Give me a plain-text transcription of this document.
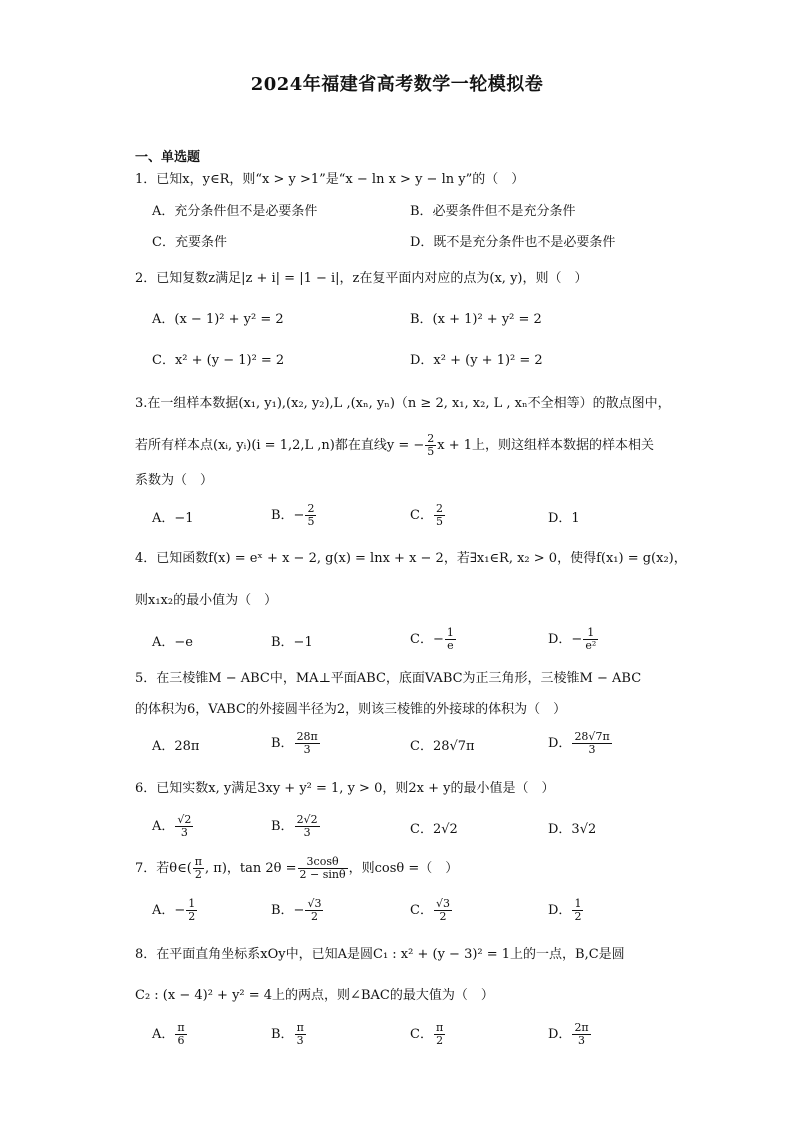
2024年福建省高考数学一轮模拟卷
一、单选题
1．已知x，y∈R，则“x > y >1”是“x − ln x > y − ln y”的（　）
A．充分条件但不是必要条件	B．必要条件但不是充分条件
C．充要条件	D．既不是充分条件也不是必要条件
2．已知复数z满足|z + i| = |1 − i|，z在复平面内对应的点为(x, y)，则（　）
A．(x − 1)² + y² = 2	B．(x + 1)² + y² = 2
C．x² + (y − 1)² = 2	D．x² + (y + 1)² = 2
3.在一组样本数据(x₁, y₁),(x₂, y₂),L ,(xₙ, yₙ)（n ≥ 2, x₁, x₂, L , xₙ不全相等）的散点图中，
若所有样本点(xᵢ, yᵢ)(i = 1,2,L ,n)都在直线y = − $\frac{2}{5}$ x + 1上，则这组样本数据的样本相关
系数为（　）
A．−1	B．− $\frac{2}{5}$	C． $\frac{2}{5}$	D．1
4．已知函数f(x) = eˣ + x − 2, g(x) = lnx + x − 2，若∃x₁∈R, x₂ > 0，使得f(x₁) = g(x₂)，
则x₁x₂的最小值为（　）
A．−e	B．−1	C．− $\frac{1}{e}$	D．− $\frac{1}{\text{e²}}$
5．在三棱锥M − ABC中，MA⊥平面ABC，底面VABC为正三角形，三棱锥M − ABC
的体积为6，VABC的外接圆半径为2，则该三棱锥的外接球的体积为（　）
A．28π	B． $\frac{28\pi}{3}$	C．28√7π	D． $\frac{28√7\pi}{3}$
6．已知实数x, y满足3xy + y² = 1, y > 0，则2x + y的最小值是（　）
A． $\frac{√2}{3}$	B． $\frac{2√2}{3}$	C．2√2	D．3√2
7．若θ∈( $\frac{\pi}{2}$ , π)，$\tan 2\theta = \frac{3\cos\theta}{2 - \sin\theta}$ ，则cosθ =（　）
A．− $\frac{1}{2}$	B．− $\frac{√3}{2}$	C． $\frac{√3}{2}$	D． $\frac{1}{2}$
8．在平面直角坐标系xOy中，已知A是圆C₁ : x² + (y − 3)² = 1上的一点，B,C是圆
C₂ : (x − 4)² + y² = 4上的两点，则∠BAC的最大值为（　）
A． $\frac{\pi}{6}$	B． $\frac{\pi}{3}$	C． $\frac{\pi}{2}$	D． $\frac{2\pi}{3}$
